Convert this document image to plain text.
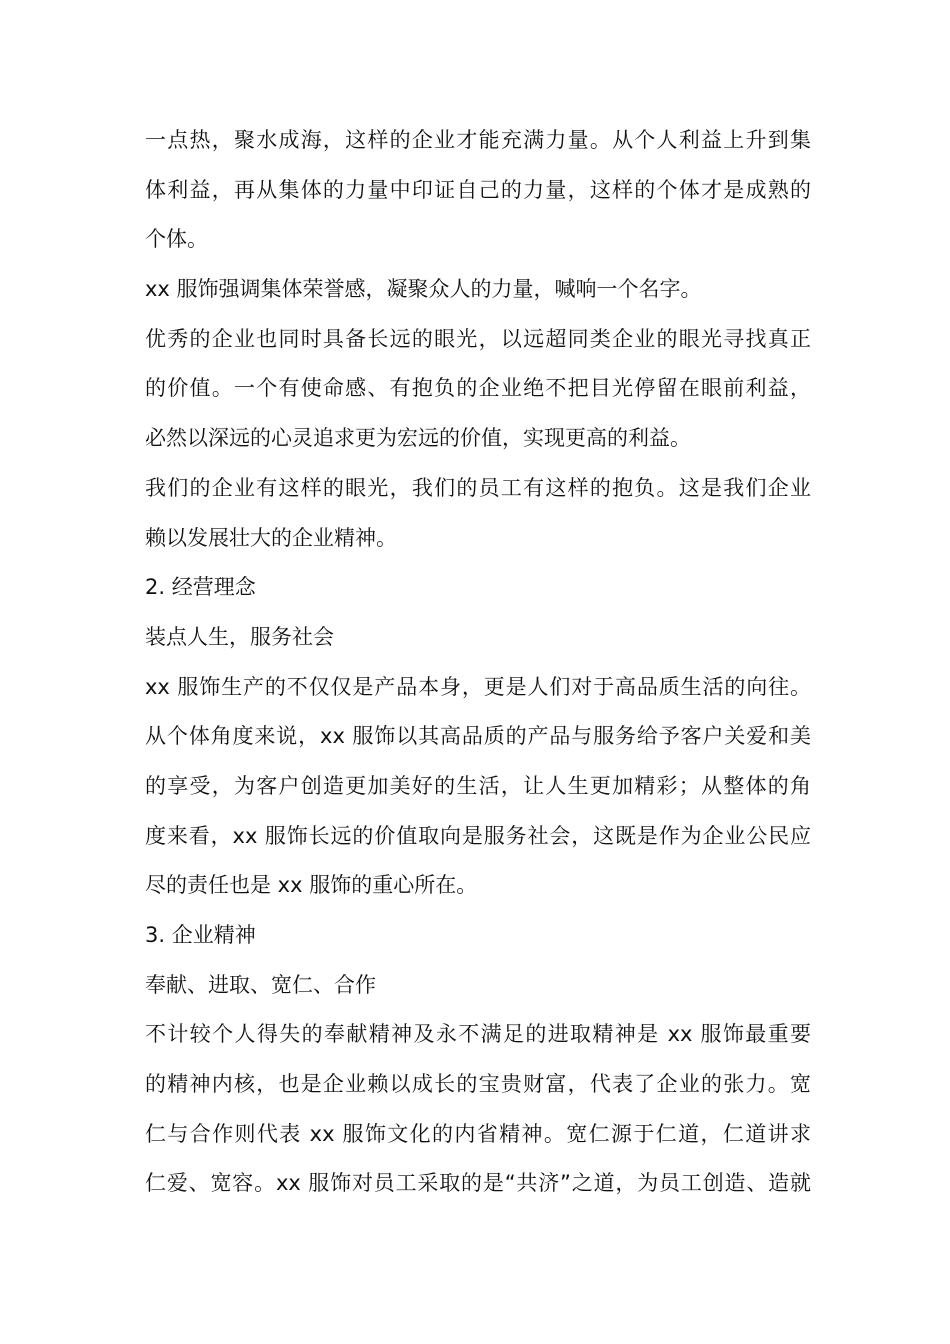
一点热，聚水成海，这样的企业才能充满力量。从个人利益上升到集
体利益，再从集体的力量中印证自己的力量，这样的个体才是成熟的
个体。
xx 服饰强调集体荣誉感，凝聚众人的力量，喊响一个名字。
优秀的企业也同时具备长远的眼光，以远超同类企业的眼光寻找真正
的价值。一个有使命感、有抱负的企业绝不把目光停留在眼前利益，
必然以深远的心灵追求更为宏远的价值，实现更高的利益。
我们的企业有这样的眼光，我们的员工有这样的抱负。这是我们企业
赖以发展壮大的企业精神。
2. 经营理念
装点人生，服务社会
xx 服饰生产的不仅仅是产品本身，更是人们对于高品质生活的向往。
从个体角度来说，xx 服饰以其高品质的产品与服务给予客户关爱和美
的享受，为客户创造更加美好的生活，让人生更加精彩；从整体的角
度来看，xx 服饰长远的价值取向是服务社会，这既是作为企业公民应
尽的责任也是 xx 服饰的重心所在。
3. 企业精神
奉献、进取、宽仁、合作
不计较个人得失的奉献精神及永不满足的进取精神是 xx 服饰最重要
的精神内核，也是企业赖以成长的宝贵财富，代表了企业的张力。宽
仁与合作则代表 xx 服饰文化的内省精神。宽仁源于仁道，仁道讲求
仁爱、宽容。xx 服饰对员工采取的是“共济”之道，为员工创造、造就
